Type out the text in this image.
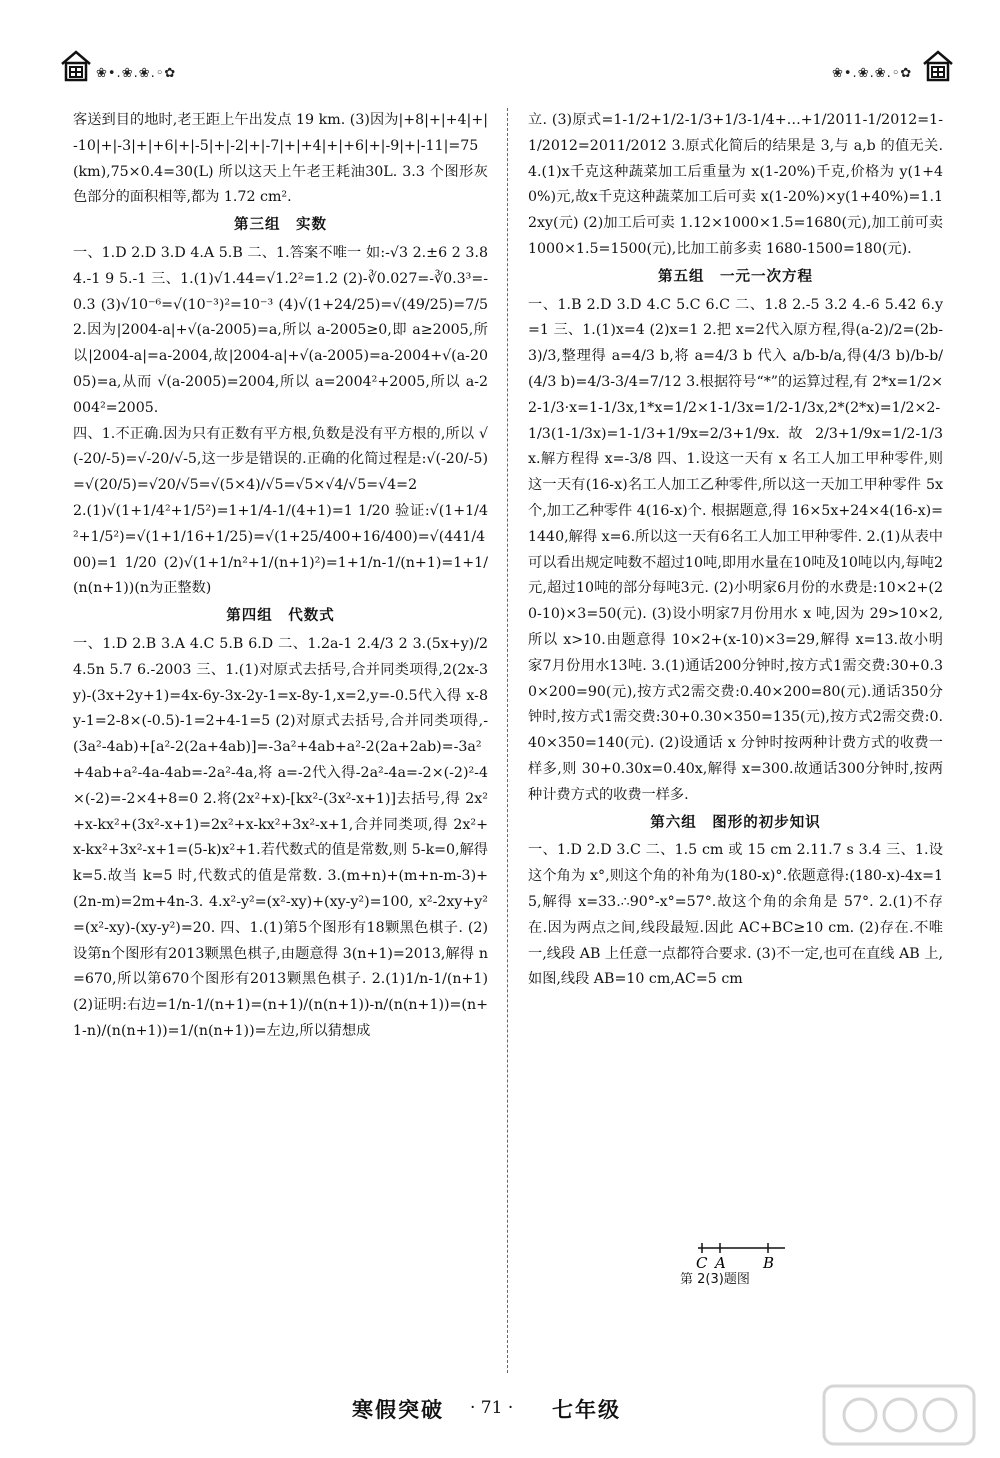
❀•.❀.❀.◦✿	❀•.❀.❀.◦✿

客送到目的地时,老王距上午出发点 19 km. (3)因为|+8|+|+4|+|-10|+|-3|+|+6|+|-5|+|-2|+|-7|+|+4|+|+6|+|-9|+|-11|=75(km),75×0.4=30(L) 所以这天上午老王耗油30L. 3.3 个图形灰色部分的面积相等,都为 1.72 cm².

第三组　实数

一、1.D 2.D 3.D 4.A 5.B 二、1.答案不唯一 如:-√3 2.±6 2 3.8 4.-1 9 5.-1 三、1.(1)√1.44=√1.2²=1.2 (2)-∛0.027=-∛0.3³=-0.3 (3)√10⁻⁶=√(10⁻³)²=10⁻³ (4)√(1+24/25)=√(49/25)=7/5 2.因为|2004-a|+√(a-2005)=a,所以 a-2005≥0,即 a≥2005,所以|2004-a|=a-2004,故|2004-a|+√(a-2005)=a-2004+√(a-2005)=a,从而 √(a-2005)=2004,所以 a=2004²+2005,所以 a-2004²=2005.

四、1.不正确.因为只有正数有平方根,负数是没有平方根的,所以 √(-20/-5)=√-20/√-5,这一步是错误的.正确的化简过程是:√(-20/-5)=√(20/5)=√20/√5=√(5×4)/√5=√5×√4/√5=√4=2

2.(1)√(1+1/4²+1/5²)=1+1/4-1/(4+1)=1 1/20 验证:√(1+1/4²+1/5²)=√(1+1/16+1/25)=√(1+25/400+16/400)=√(441/400)=1 1/20 (2)√(1+1/n²+1/(n+1)²)=1+1/n-1/(n+1)=1+1/(n(n+1))(n为正整数)

第四组　代数式

一、1.D 2.B 3.A 4.C 5.B 6.D 二、1.2a-1 2.4/3 2 3.(5x+y)/2 4.5n 5.7 6.-2003 三、1.(1)对原式去括号,合并同类项得,2(2x-3y)-(3x+2y+1)=4x-6y-3x-2y-1=x-8y-1,x=2,y=-0.5代入得 x-8y-1=2-8×(-0.5)-1=2+4-1=5 (2)对原式去括号,合并同类项得,-(3a²-4ab)+[a²-2(2a+4ab)]=-3a²+4ab+a²-2(2a+2ab)=-3a²+4ab+a²-4a-4ab=-2a²-4a,将 a=-2代入得-2a²-4a=-2×(-2)²-4×(-2)=-2×4+8=0 2.将(2x²+x)-[kx²-(3x²-x+1)]去括号,得 2x²+x-kx²+(3x²-x+1)=2x²+x-kx²+3x²-x+1,合并同类项,得 2x²+x-kx²+3x²-x+1=(5-k)x²+1.若代数式的值是常数,则 5-k=0,解得 k=5.故当 k=5 时,代数式的值是常数. 3.(m+n)+(m+n-m-3)+(2n-m)=2m+4n-3. 4.x²-y²=(x²-xy)+(xy-y²)=100, x²-2xy+y²=(x²-xy)-(xy-y²)=20. 四、1.(1)第5个图形有18颗黑色棋子. (2)设第n个图形有2013颗黑色棋子,由题意得 3(n+1)=2013,解得 n=670,所以第670个图形有2013颗黑色棋子. 2.(1)1/n-1/(n+1) (2)证明:右边=1/n-1/(n+1)=(n+1)/(n(n+1))-n/(n(n+1))=(n+1-n)/(n(n+1))=1/(n(n+1))=左边,所以猜想成

立. (3)原式=1-1/2+1/2-1/3+1/3-1/4+…+1/2011-1/2012=1-1/2012=2011/2012 3.原式化简后的结果是 3,与 a,b 的值无关. 4.(1)x千克这种蔬菜加工后重量为 x(1-20%)千克,价格为 y(1+40%)元,故x千克这种蔬菜加工后可卖 x(1-20%)×y(1+40%)=1.12xy(元) (2)加工后可卖 1.12×1000×1.5=1680(元),加工前可卖 1000×1.5=1500(元),比加工前多卖 1680-1500=180(元).

第五组　一元一次方程

一、1.B 2.D 3.D 4.C 5.C 6.C 二、1.8 2.-5 3.2 4.-6 5.42 6.y=1 三、1.(1)x=4 (2)x=1 2.把 x=2代入原方程,得(a-2)/2=(2b-3)/3,整理得 a=4/3 b,将 a=4/3 b 代入 a/b-b/a,得(4/3 b)/b-b/(4/3 b)=4/3-3/4=7/12 3.根据符号“*”的运算过程,有 2*x=1/2×2-1/3·x=1-1/3x,1*x=1/2×1-1/3x=1/2-1/3x,2*(2*x)=1/2×2-1/3(1-1/3x)=1-1/3+1/9x=2/3+1/9x. 故 2/3+1/9x=1/2-1/3x.解方程得 x=-3/8 四、1.设这一天有 x 名工人加工甲种零件,则这一天有(16-x)名工人加工乙种零件,所以这一天加工甲种零件 5x 个,加工乙种零件 4(16-x)个. 根据题意,得 16×5x+24×4(16-x)=1440,解得 x=6.所以这一天有6名工人加工甲种零件. 2.(1)从表中可以看出规定吨数不超过10吨,即用水量在10吨及10吨以内,每吨2元,超过10吨的部分每吨3元. (2)小明家6月份的水费是:10×2+(20-10)×3=50(元). (3)设小明家7月份用水 x 吨,因为 29>10×2,所以 x>10.由题意得 10×2+(x-10)×3=29,解得 x=13.故小明家7月份用水13吨. 3.(1)通话200分钟时,按方式1需交费:30+0.30×200=90(元),按方式2需交费:0.40×200=80(元).通话350分钟时,按方式1需交费:30+0.30×350=135(元),按方式2需交费:0.40×350=140(元). (2)设通话 x 分钟时按两种计费方式的收费一样多,则 30+0.30x=0.40x,解得 x=300.故通话300分钟时,按两种计费方式的收费一样多.

第六组　图形的初步知识

一、1.D 2.D 3.C 二、1.5 cm 或 15 cm 2.11.7 s 3.4 三、1.设这个角为 x°,则这个角的补角为(180-x)°.依题意得:(180-x)-4x=15,解得 x=33.∴90°-x°=57°.故这个角的余角是 57°. 2.(1)不存在.因为两点之间,线段最短.因此 AC+BC≥10 cm. (2)存在.不唯一,线段 AB 上任意一点都符合要求. (3)不一定,也可在直线 AB 上,如图,线段 AB=10 cm,AC=5 cm

C A B
第 2(3)题图
寒假突破 · 71 · 七年级
